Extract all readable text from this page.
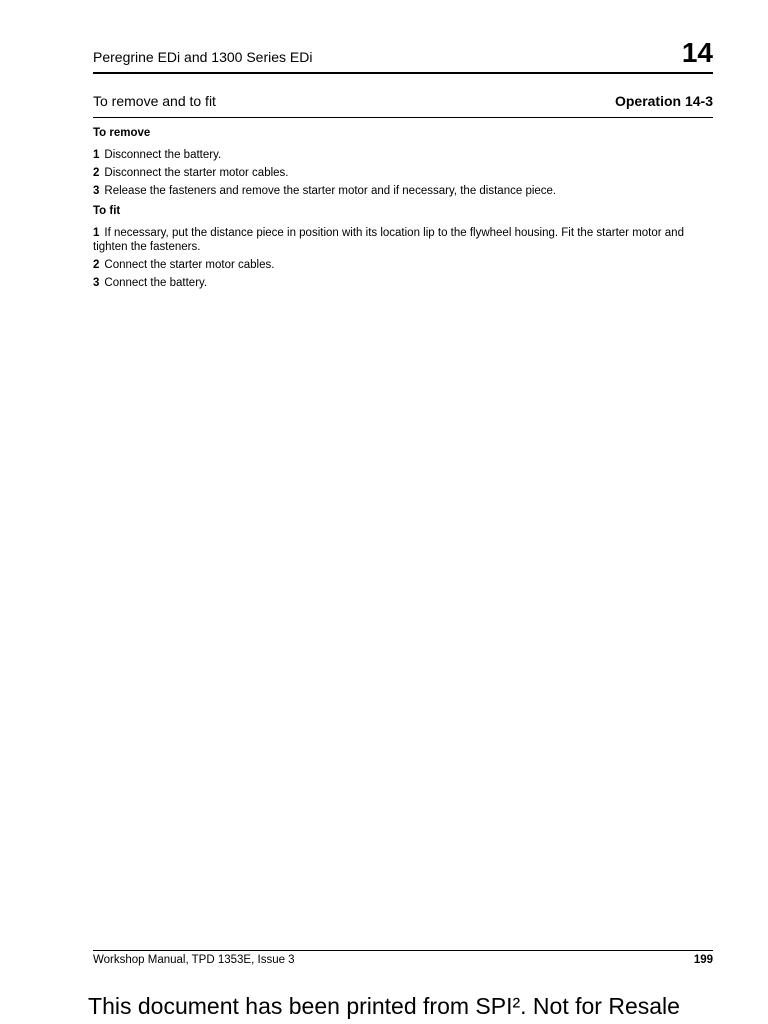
Peregrine EDi and 1300 Series EDi	14
To remove and to fit	Operation 14-3

To remove

1 Disconnect the battery.
2 Disconnect the starter motor cables.
3 Release the fasteners and remove the starter motor and if necessary, the distance piece.

To fit

1 If necessary, put the distance piece in position with its location lip to the flywheel housing. Fit the starter motor and tighten the fasteners.
2 Connect the starter motor cables.
3 Connect the battery.
Workshop Manual, TPD 1353E, Issue 3	199
This document has been printed from SPI². Not for Resale
